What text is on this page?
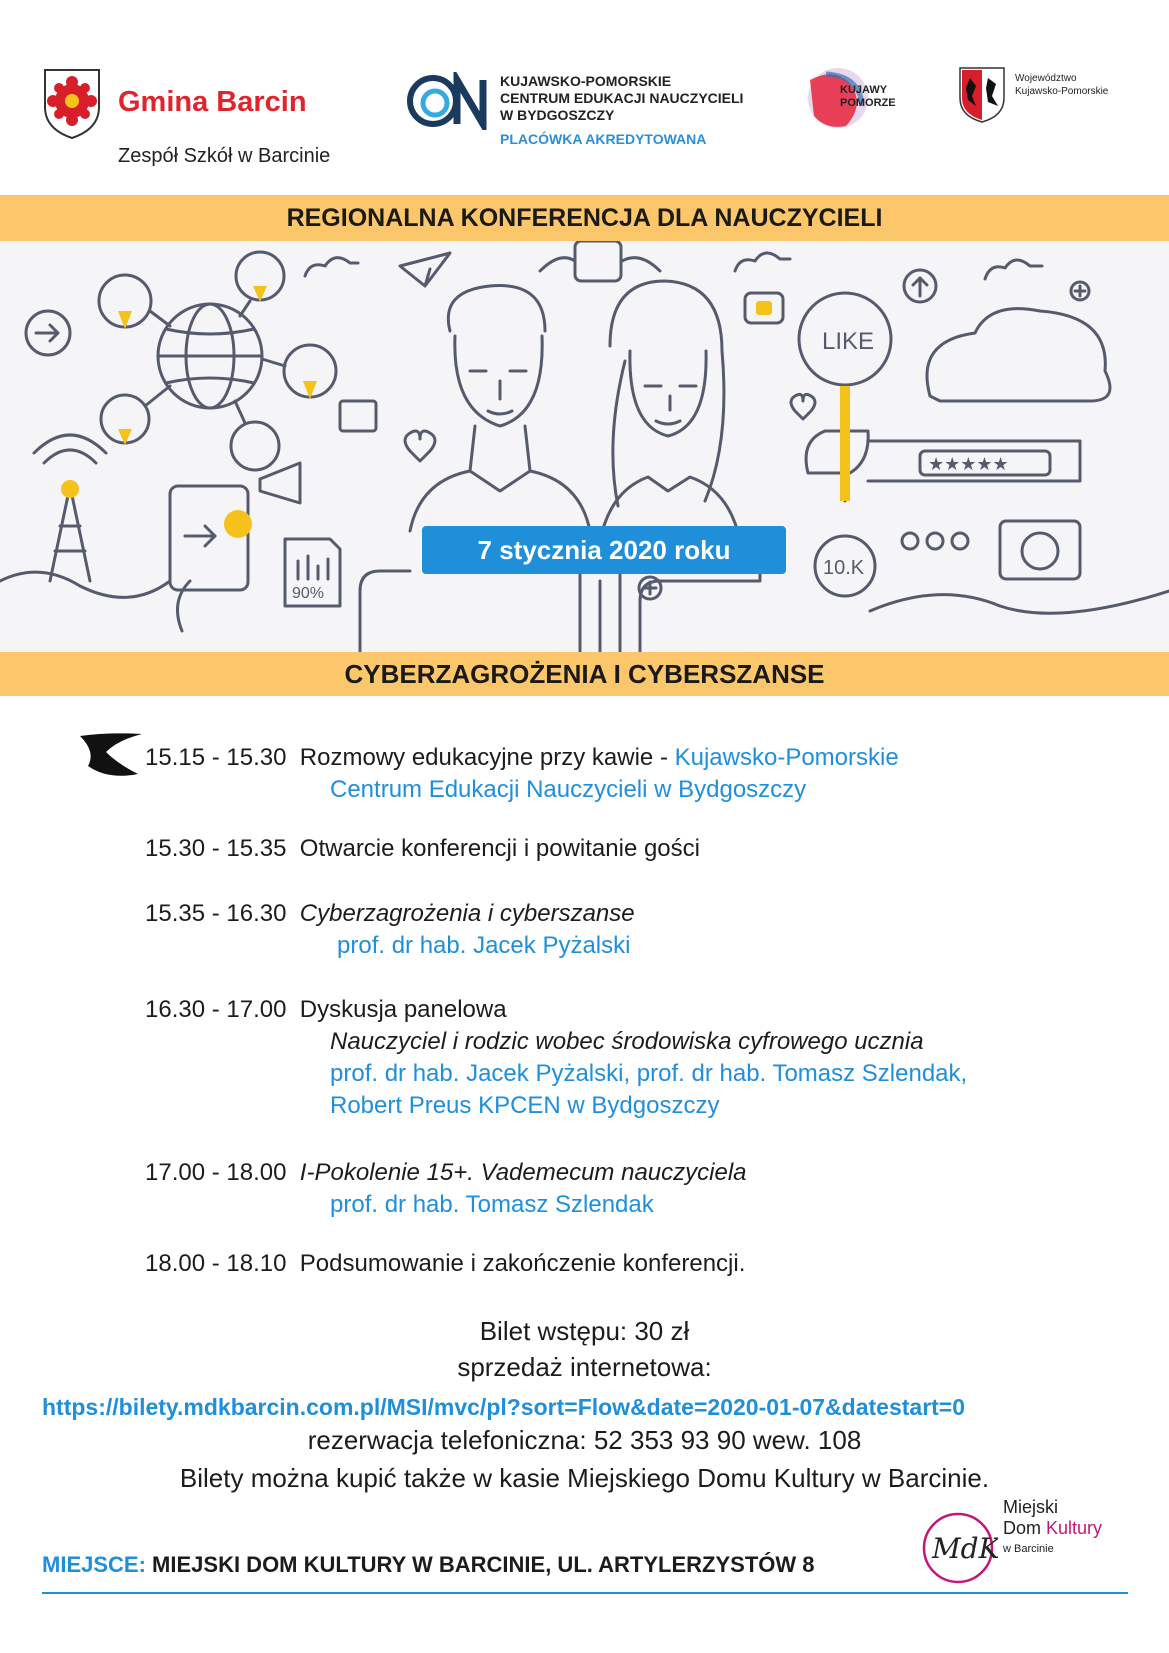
Gmina Barcin
Zespół Szkół w Barcinie
KUJAWSKO-POMORSKIE
CENTRUM EDUKACJI NAUCZYCIELI
W BYDGOSZCZY
PLACÓWKA AKREDYTOWANA
KUJAWY
POMORZE
Województwo
Kujawsko-Pomorskie
REGIONALNA KONFERENCJA DLA NAUCZYCIELI
LIKE
90%
10.K
★★★★★
7 stycznia 2020 roku
CYBERZAGROŻENIA I CYBERSZANSE
15.15 - 15.30 Rozmowy edukacyjne przy kawie - Kujawsko-Pomorskie
Centrum Edukacji Nauczycieli w Bydgoszczy
15.30 - 15.35 Otwarcie konferencji i powitanie gości
15.35 - 16.30 Cyberzagrożenia i cyberszanse
prof. dr hab. Jacek Pyżalski
16.30 - 17.00 Dyskusja panelowa
Nauczyciel i rodzic wobec środowiska cyfrowego ucznia
prof. dr hab. Jacek Pyżalski, prof. dr hab. Tomasz Szlendak,
Robert Preus KPCEN w Bydgoszczy
17.00 - 18.00 I-Pokolenie 15+. Vademecum nauczyciela
prof. dr hab. Tomasz Szlendak
18.00 - 18.10 Podsumowanie i zakończenie konferencji.
Bilet wstępu: 30 zł
sprzedaż internetowa:
https://bilety.mdkbarcin.com.pl/MSI/mvc/pl?sort=Flow&date=2020-01-07&datestart=0
rezerwacja telefoniczna: 52 353 93 90 wew. 108
Bilety można kupić także w kasie Miejskiego Domu Kultury w Barcinie.
MIEJSCE: MIEJSKI DOM KULTURY W BARCINIE, UL. ARTYLERZYSTÓW 8	MdK
Miejski
Dom Kultury
w Barcinie
